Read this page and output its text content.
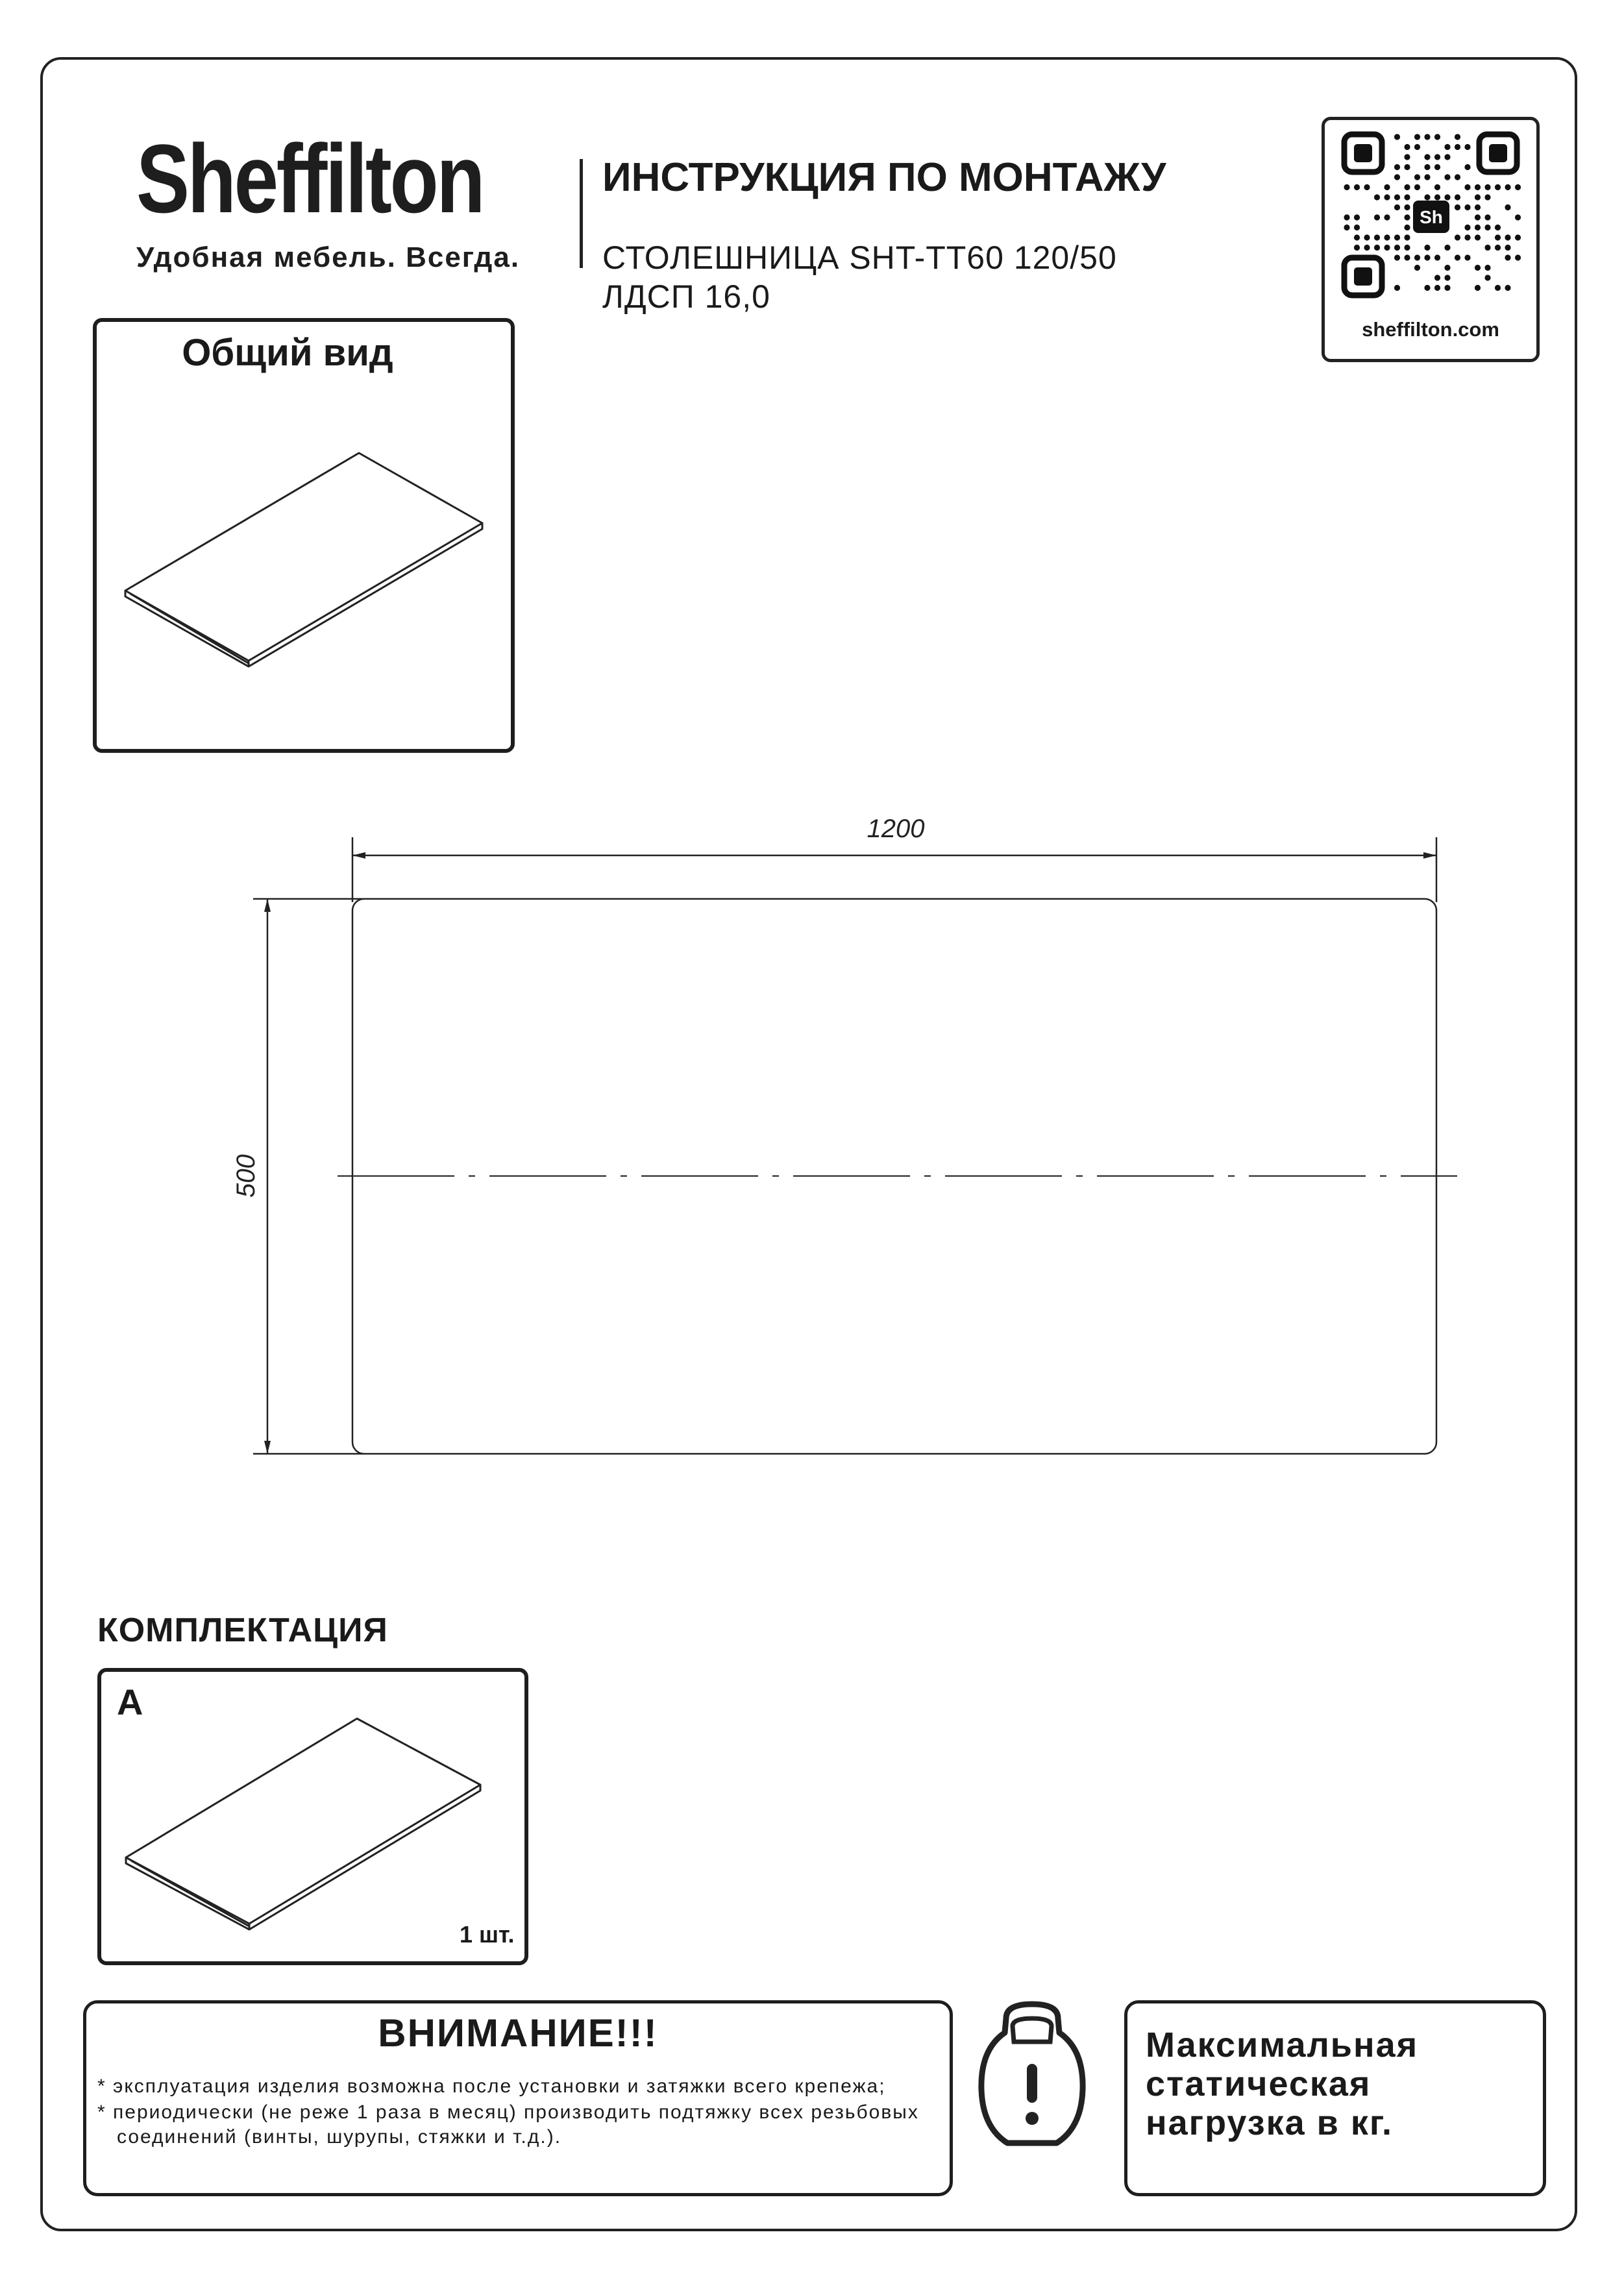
Sheffilton
Удобная мебель. Всегда.
ИНСТРУКЦИЯ ПО МОНТАЖУ
СТОЛЕШНИЦА SHT-TT60 120/50
ЛДСП 16,0
Sh
sheffilton.com
Общий вид
1200
500
КОМПЛЕКТАЦИЯ
A
1 шт.
ВНИМАНИЕ!!!
* эксплуатация изделия возможна после установки и затяжки всего крепежа;
* периодически (не реже 1 раза в месяц) производить подтяжку всех резьбовых
соединений (винты, шурупы, стяжки и т.д.).
Максимальная
статическая
нагрузка в кг.
